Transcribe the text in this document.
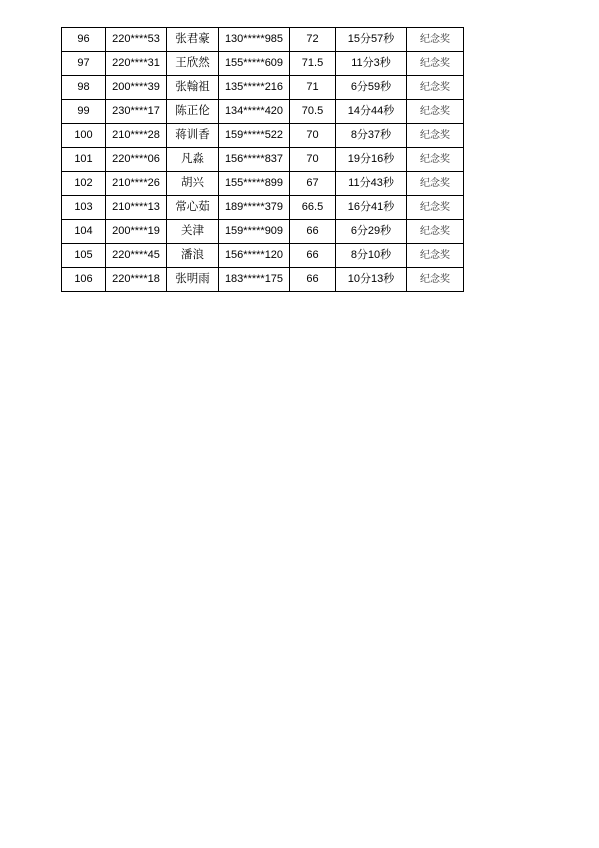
96	220****53	张君豪	130*****985	72	15分57秒	纪念奖
97	220****31	王欣然	155*****609	71.5	11分3秒	纪念奖
98	200****39	张翰祖	135*****216	71	6分59秒	纪念奖
99	230****17	陈正伦	134*****420	70.5	14分44秒	纪念奖
100	210****28	蒋训香	159*****522	70	8分37秒	纪念奖
101	220****06	凡淼	156*****837	70	19分16秒	纪念奖
102	210****26	胡兴	155*****899	67	11分43秒	纪念奖
103	210****13	常心茹	189*****379	66.5	16分41秒	纪念奖
104	200****19	关津	159*****909	66	6分29秒	纪念奖
105	220****45	潘浪	156*****120	66	8分10秒	纪念奖
106	220****18	张明雨	183*****175	66	10分13秒	纪念奖
